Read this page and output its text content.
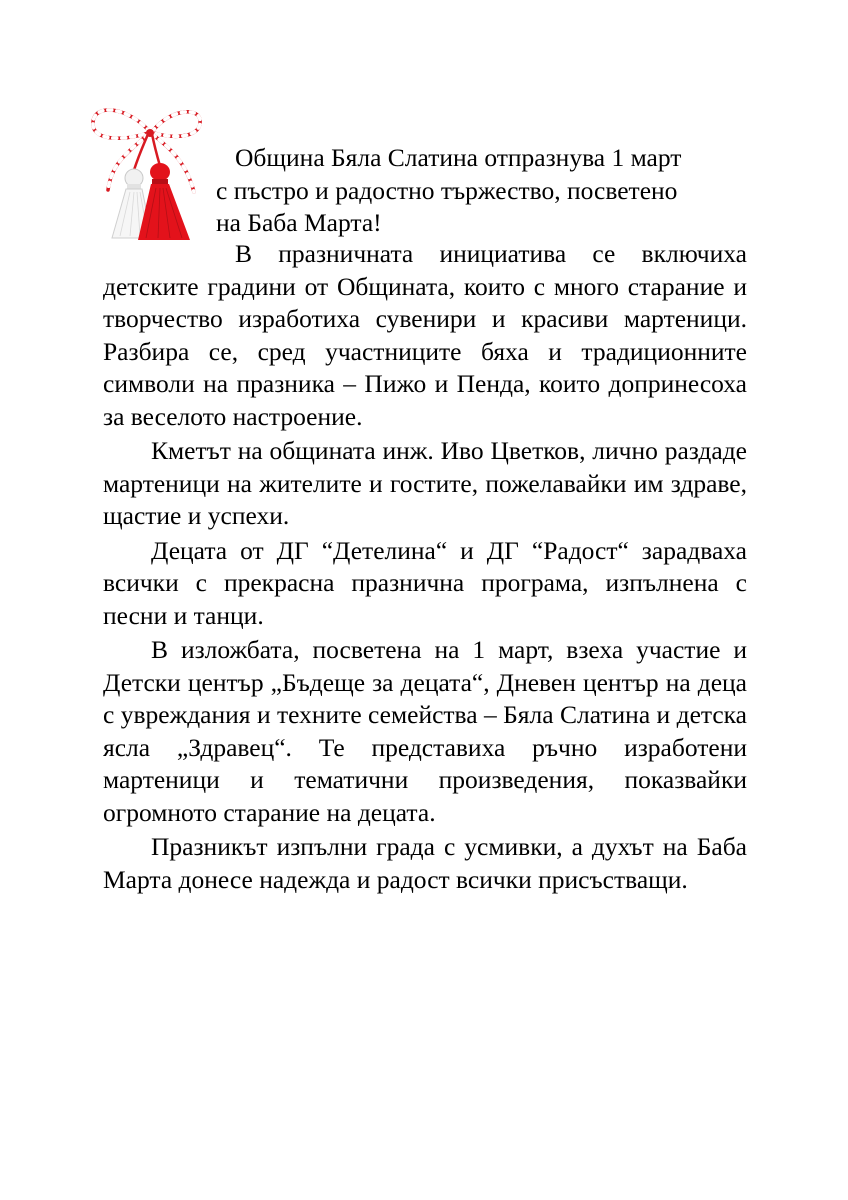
Община Бяла Слатина отпразнува 1 март

с пъстро и радостно тържество, посветено

на Баба Марта!

В празничната инициатива се включиха
детските градини от Общината, които с много старание и творчество изработиха сувенири и красиви мартеници. Разбира се, сред участниците бяха и традиционните символи на празника – Пижо и Пенда, които допринесоха за веселото настроение.

Кметът на общината инж. Иво Цветков, лично раздаде мартеници на жителите и гостите, пожелавайки им здраве, щастие и успехи.

Децата от ДГ “Детелина“ и ДГ “Радост“ зарадваха всички с прекрасна празнична програма, изпълнена с песни и танци.

В изложбата, посветена на 1 март, взеха участие и Детски център „Бъдеще за децата“, Дневен център на деца с увреждания и техните семейства – Бяла Слатина и детска ясла „Здравец“. Те представиха ръчно изработени мартеници и тематични произведения, показвайки огромното старание на децата.

Празникът изпълни града с усмивки, а духът на Баба Марта донесе надежда и радост всички присъстващи.
